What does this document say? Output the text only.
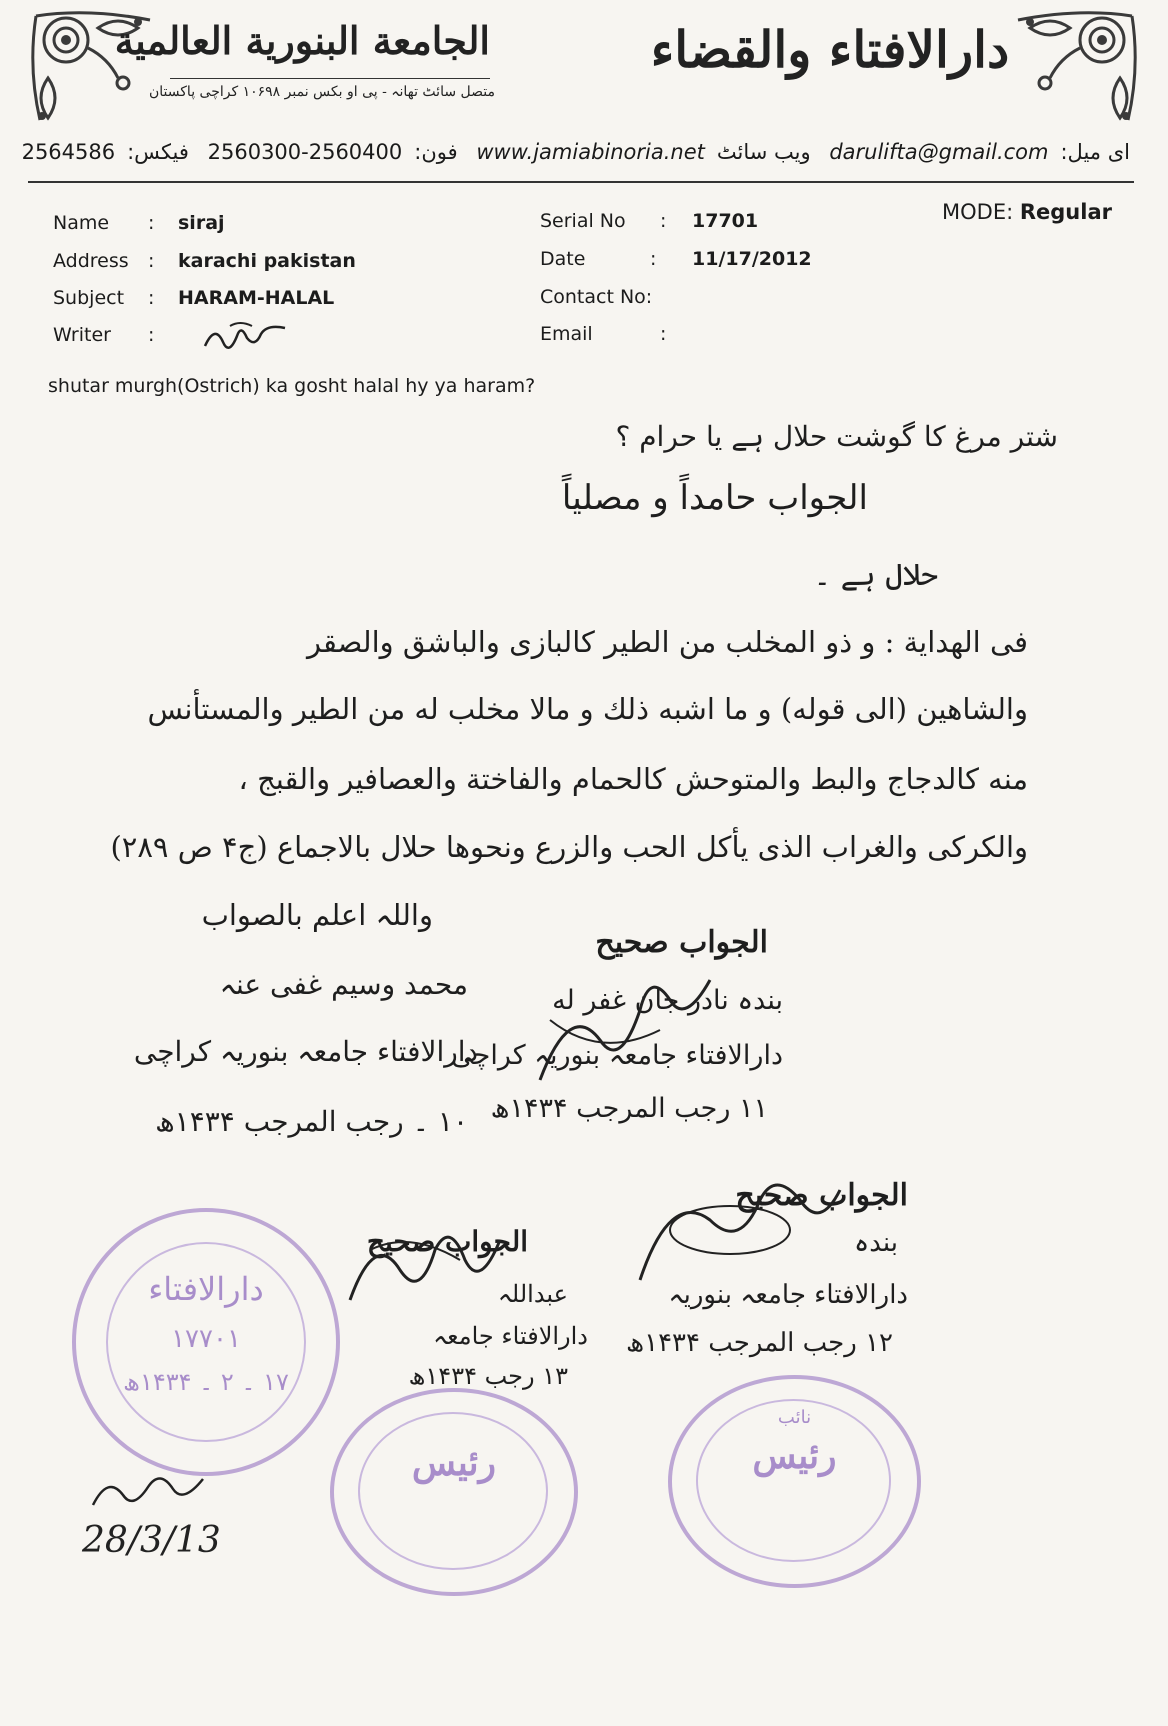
الجامعة البنورية العالمية
متصل سائٹ تھانہ - پی او بکس نمبر ۱۰۶۹۸ کراچی پاکستان
دارالافتاء والقضاء
ای میل:darulifta@gmail.com ویب سائٹwww.jamiabinoria.net فون:2560300-2560400 فیکس:2564586
Name : siraj
Address : karachi pakistan
Subject : HARAM-HALAL
Writer :
Serial No : 17701
Date	: 11/17/2012
Contact No:
Email	:
MODE: Regular
shutar murgh(Ostrich) ka gosht halal hy ya haram?
شتر مرغ کا گوشت حلال ہے یا حرام ؟
الجواب حامداً و مصلیاً
حلال ہے ۔
فی الهداية : و ذو المخلب من الطير کالبازی والباشق والصقر
والشاهين (الی قوله) و ما اشبه ذلك و مالا مخلب له من الطير والمستأنس
منه کالدجاج والبط والمتوحش کالحمام والفاختة والعصافير والقبج ،
والکرکی والغراب الذی يأكل الحب والزرع ونحوها حلال بالاجماع (ج۴ ص ۲۸۹)
واللہ اعلم بالصواب
محمد وسیم غفی عنہ
دارالافتاء جامعہ بنوریہ کراچی
۱۰ ۔ رجب المرجب ۱۴۳۴ھ
الجواب صحیح
بندہ نادر جان غفر له
دارالافتاء جامعہ بنوریہ کراچی
۱۱ رجب المرجب ۱۴۳۴ھ
الجواب صحیح
بندہ
دارالافتاء جامعہ بنوریہ
۱۲ رجب المرجب ۱۴۳۴ھ
الجواب صحیح
عبداللہ
دارالافتاء جامعہ
۱۳ رجب ۱۴۳۴ھ
دارالافتاء
۱۷۷۰۱
۱۷ ۔ ۲ ۔ ۱۴۳۴ھ
رئیس
نائب
رئیس
28/3/13
